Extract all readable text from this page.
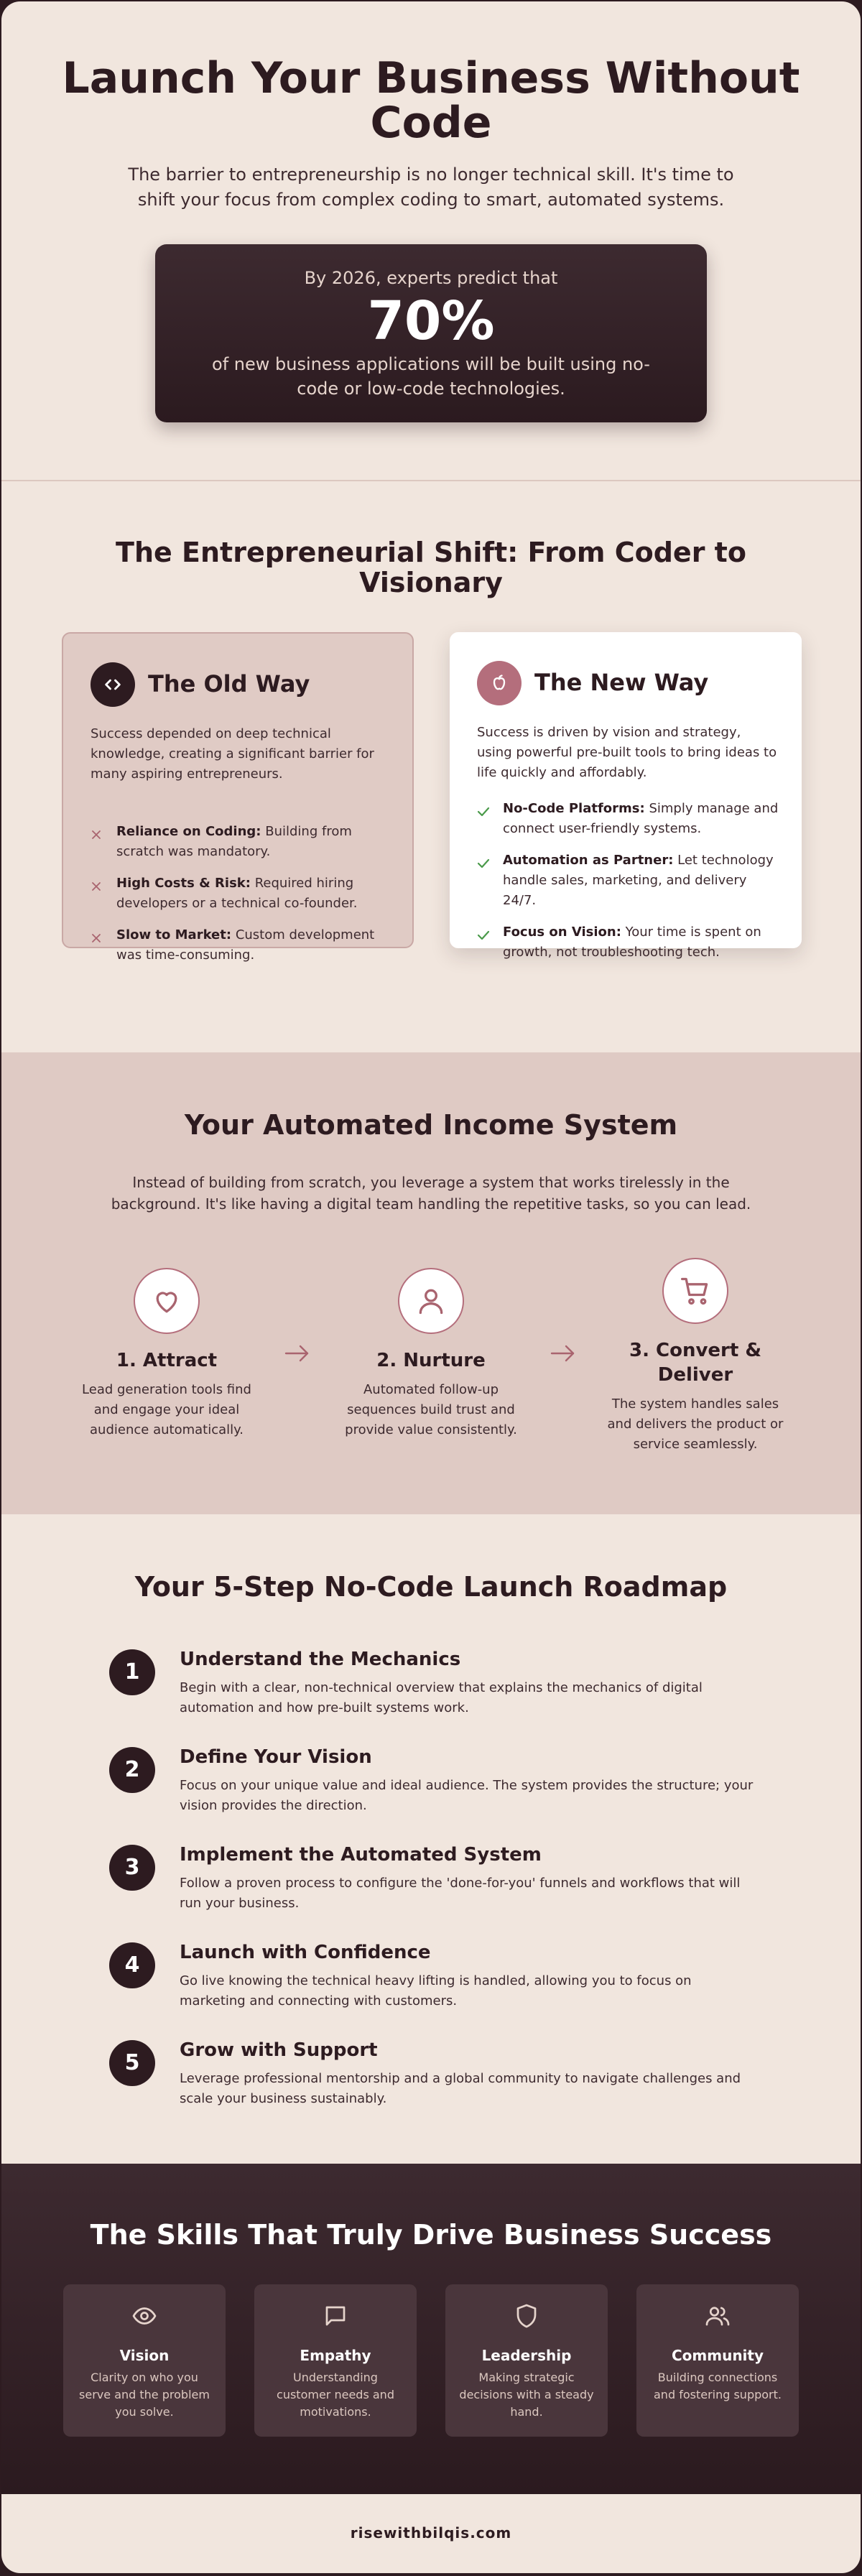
Launch Your Business Without Code

The barrier to entrepreneurship is no longer technical skill. It's time to shift your focus from complex coding to smart, automated systems.

By 2026, experts predict that
70%
of new business applications will be built using no-code or low-code technologies.
The Entrepreneurial Shift: From Coder to Visionary
The Old Way

Success depended on deep technical knowledge, creating a significant barrier for many aspiring entrepreneurs.

Reliance on Coding: Building from scratch was mandatory.
High Costs & Risk: Required hiring developers or a technical co-founder.
Slow to Market: Custom development was time-consuming.
The New Way

Success is driven by vision and strategy, using powerful pre-built tools to bring ideas to life quickly and affordably.

No-Code Platforms: Simply manage and connect user-friendly systems.
Automation as Partner: Let technology handle sales, marketing, and delivery 24/7.
Focus on Vision: Your time is spent on growth, not troubleshooting tech.
Your Automated Income System

Instead of building from scratch, you leverage a system that works tirelessly in the background. It's like having a digital team handling the repetitive tasks, so you can lead.

1. Attract

Lead generation tools find and engage your ideal audience automatically.

2. Nurture

Automated follow-up sequences build trust and provide value consistently.

3. Convert & Deliver

The system handles sales and delivers the product or service seamlessly.

Your 5-Step No-Code Launch Roadmap
1	Understand the Mechanics

Begin with a clear, non-technical overview that explains the mechanics of digital automation and how pre-built systems work.

2	Define Your Vision

Focus on your unique value and ideal audience. The system provides the structure; your vision provides the direction.

3	Implement the Automated System

Follow a proven process to configure the 'done-for-you' funnels and workflows that will run your business.

4	Launch with Confidence

Go live knowing the technical heavy lifting is handled, allowing you to focus on marketing and connecting with customers.

5	Grow with Support

Leverage professional mentorship and a global community to navigate challenges and scale your business sustainably.

The Skills That Truly Drive Business Success
Vision

Clarity on who you serve and the problem you solve.

Empathy

Understanding customer needs and motivations.

Leadership

Making strategic decisions with a steady hand.

Community

Building connections and fostering support.

risewithbilqis.com
